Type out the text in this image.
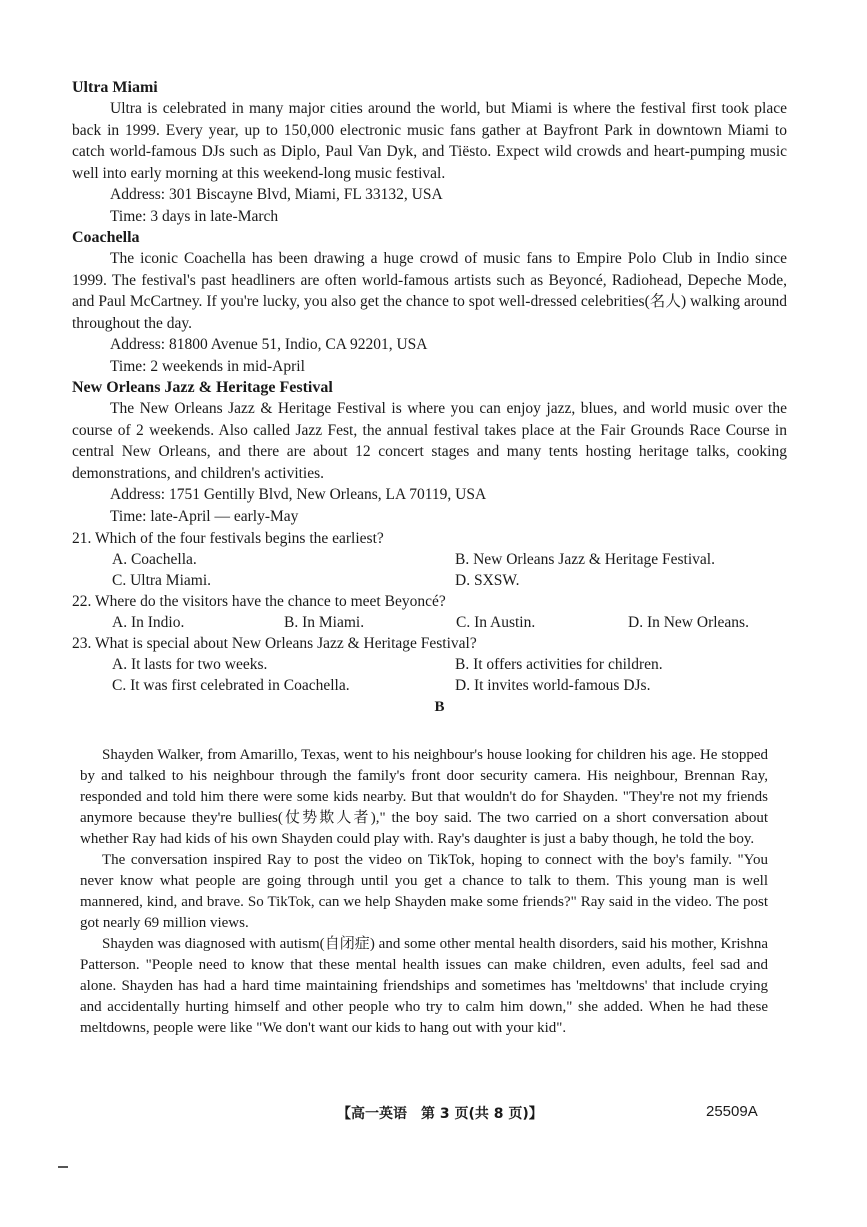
Ultra Miami

Ultra is celebrated in many major cities around the world, but Miami is where the festival first took place back in 1999. Every year, up to 150,000 electronic music fans gather at Bayfront Park in downtown Miami to catch world-famous DJs such as Diplo, Paul Van Dyk, and Tiësto. Expect wild crowds and heart-pumping music well into early morning at this weekend-long music festival.

Address: 301 Biscayne Blvd, Miami, FL 33132, USA

Time: 3 days in late-March

Coachella

The iconic Coachella has been drawing a huge crowd of music fans to Empire Polo Club in Indio since 1999. The festival's past headliners are often world-famous artists such as Beyoncé, Radiohead, Depeche Mode, and Paul McCartney. If you're lucky, you also get the chance to spot well-dressed celebrities(名人) walking around throughout the day.

Address: 81800 Avenue 51, Indio, CA 92201, USA

Time: 2 weekends in mid-April

New Orleans Jazz & Heritage Festival

The New Orleans Jazz & Heritage Festival is where you can enjoy jazz, blues, and world music over the course of 2 weekends. Also called Jazz Fest, the annual festival takes place at the Fair Grounds Race Course in central New Orleans, and there are about 12 concert stages and many tents hosting heritage talks, cooking demonstrations, and children's activities.

Address: 1751 Gentilly Blvd, New Orleans, LA 70119, USA

Time: late-April — early-May

21. Which of the four festivals begins the earliest?

A. Coachella.	B. New Orleans Jazz & Heritage Festival.
C. Ultra Miami.	D. SXSW.

22. Where do the visitors have the chance to meet Beyoncé?

A. In Indio.	B. In Miami.	C. In Austin.	D. In New Orleans.

23. What is special about New Orleans Jazz & Heritage Festival?

A. It lasts for two weeks.	B. It offers activities for children.
C. It was first celebrated in Coachella.	D. It invites world-famous DJs.

B

Shayden Walker, from Amarillo, Texas, went to his neighbour's house looking for children his age. He stopped by and talked to his neighbour through the family's front door security camera. His neighbour, Brennan Ray, responded and told him there were some kids nearby. But that wouldn't do for Shayden. "They're not my friends anymore because they're bullies(仗势欺人者)," the boy said. The two carried on a short conversation about whether Ray had kids of his own Shayden could play with. Ray's daughter is just a baby though, he told the boy.

The conversation inspired Ray to post the video on TikTok, hoping to connect with the boy's family. "You never know what people are going through until you get a chance to talk to them. This young man is well mannered, kind, and brave. So TikTok, can we help Shayden make some friends?" Ray said in the video. The post got nearly 69 million views.

Shayden was diagnosed with autism(自闭症) and some other mental health disorders, said his mother, Krishna Patterson. "People need to know that these mental health issues can make children, even adults, feel sad and alone. Shayden has had a hard time maintaining friendships and sometimes has 'meltdowns' that include crying and accidentally hurting himself and other people who try to calm him down," she added. When he had these meltdowns, people were like "We don't want our kids to hang out with your kid".

【高一英语　第 3 页(共 8 页)】	25509A
